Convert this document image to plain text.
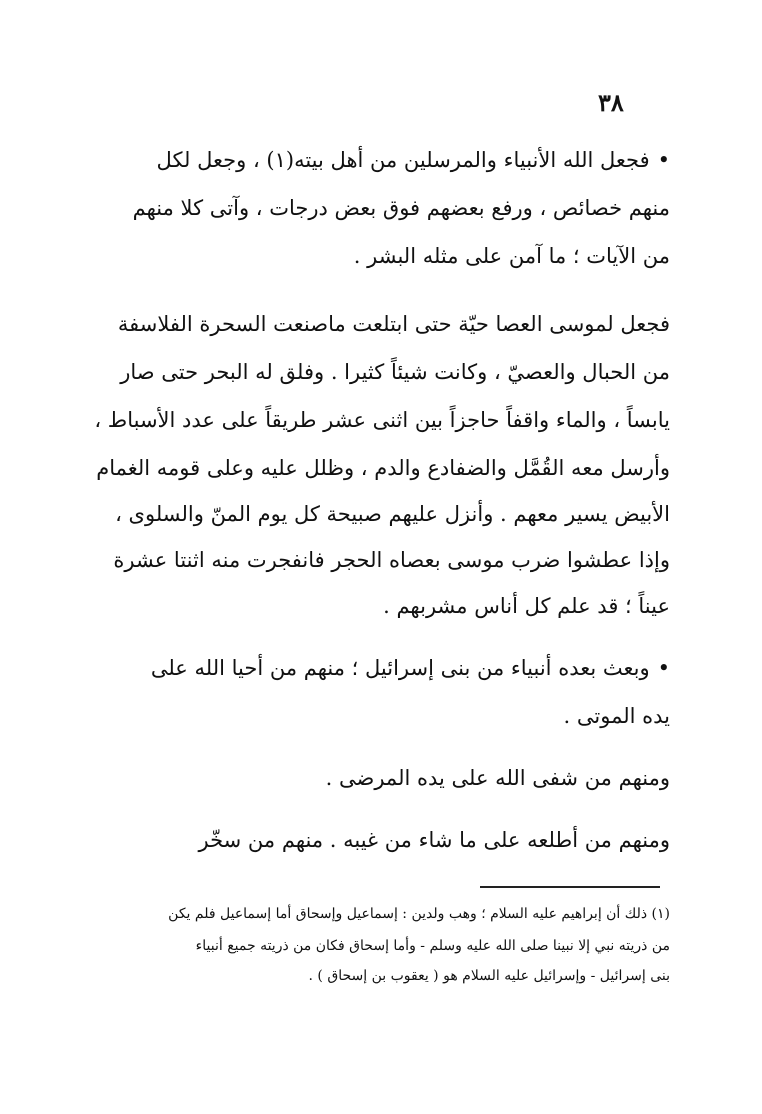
٣٨
•فجعل الله الأنبياء والمرسلين من أهل بيته(١) ، وجعل لكل
منهم خصائص ، ورفع بعضهم فوق بعض درجات ، وآتى كلا منهم
من الآيات ؛ ما آمن على مثله البشر .
فجعل لموسى العصا حيّة حتى ابتلعت ماصنعت السحرة الفلاسفة
من الحبال والعصيّ ، وكانت شيئاً كثيرا . وفلق له البحر حتى صار
يابساً ، والماء واقفاً حاجزاً بين اثنى عشر طريقاً على عدد الأسباط ،
وأرسل معه القُمَّل والضفادع والدم ، وظلل عليه وعلى قومه الغمام
الأبيض يسير معهم . وأنزل عليهم صبيحة كل يوم المنّ والسلوى ،
وإذا عطشوا ضرب موسى بعصاه الحجر فانفجرت منه اثنتا عشرة
عيناً ؛ قد علم كل أناس مشربهم .
•وبعث بعده أنبياء من بنى إسرائيل ؛ منهم من أحيا الله على
يده الموتى .
ومنهم من شفى الله على يده المرضى .
ومنهم من أطلعه على ما شاء من غيبه . منهم من سخّر
(١) ذلك أن إبراهيم عليه السلام ؛ وهب ولدين : إسماعيل وإسحاق أما إسماعيل فلم يكن
من ذريته نبي إلا نبينا صلى الله عليه وسلم - وأما إسحاق فكان من ذريته جميع أنبياء
بنى إسرائيل - وإسرائيل عليه السلام هو ( يعقوب بن إسحاق ) .
